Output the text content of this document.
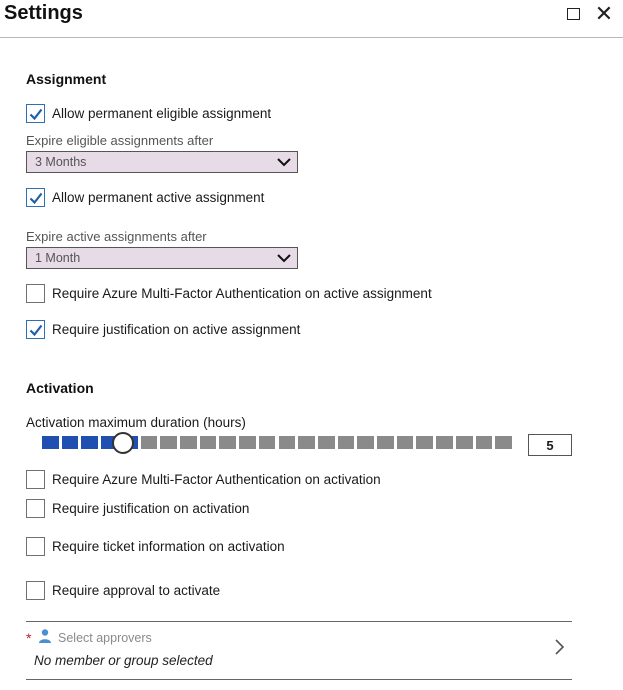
Settings	✕
Assignment
Allow permanent eligible assignment
Expire eligible assignments after
3 Months
Allow permanent active assignment
Expire active assignments after
1 Month
Require Azure Multi-Factor Authentication on active assignment
Require justification on active assignment
Activation
Activation maximum duration (hours)
5
Require Azure Multi-Factor Authentication on activation
Require justification on activation
Require ticket information on activation
Require approval to activate
* Select approvers
No member or group selected
